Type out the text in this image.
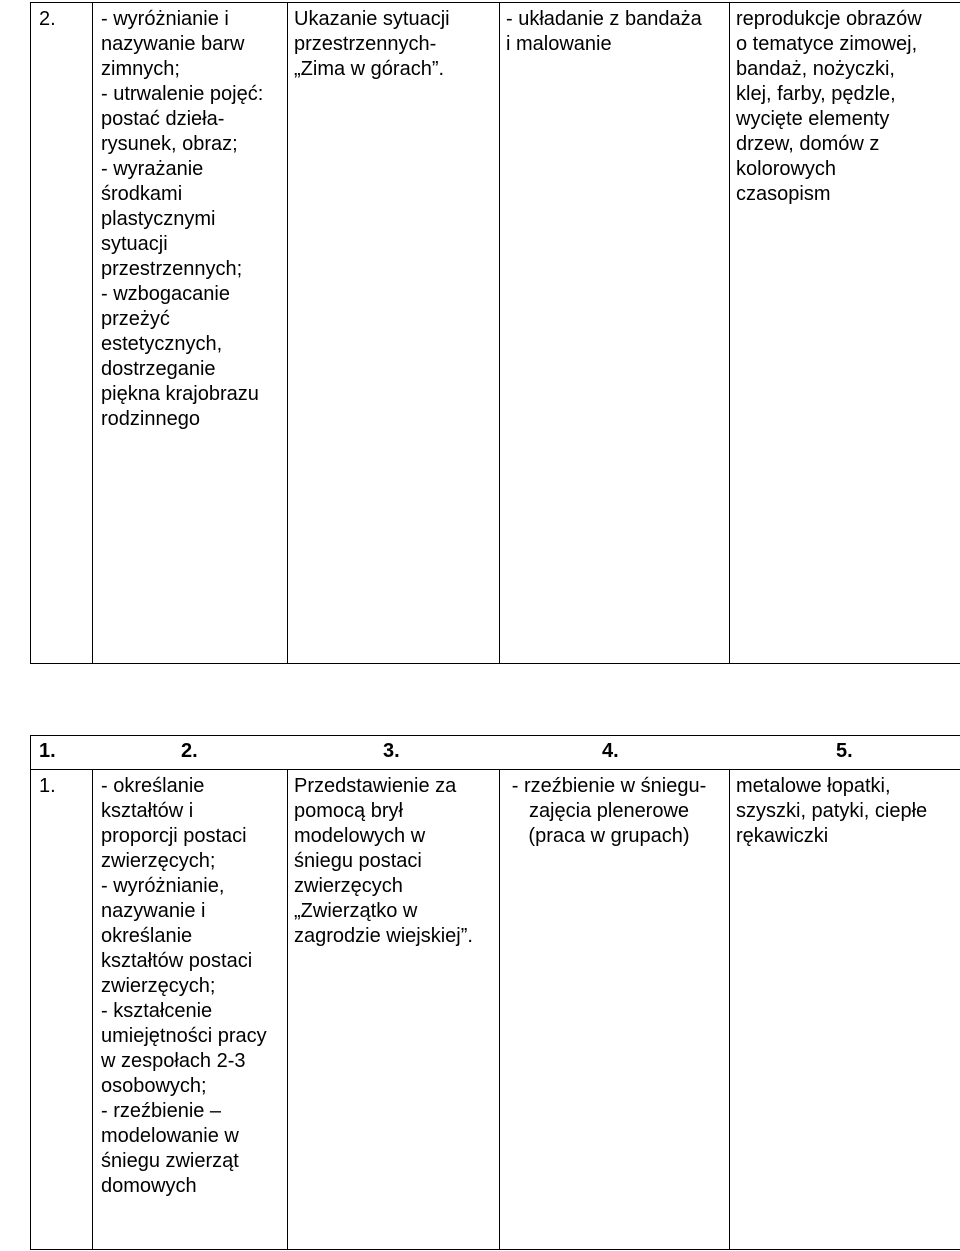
2.	- wyróżnianie i
nazywanie barw
zimnych;
- utrwalenie pojęć:
postać dzieła-
rysunek, obraz;
- wyrażanie
środkami
plastycznymi
sytuacji
przestrzennych;
- wzbogacanie
przeżyć
estetycznych,
dostrzeganie
piękna krajobrazu
rodzinnego

Ukazanie sytuacji
przestrzennych-
„Zima w górach”.

- układanie z bandaża
i malowanie

reprodukcje obrazów
o tematyce zimowej,
bandaż, nożyczki,
klej, farby, pędzle,
wycięte elementy
drzew, domów z
kolorowych
czasopism
1.	2.	3.	4.	5.

1.	- określanie
kształtów i
proporcji postaci
zwierzęcych;
- wyróżnianie,
nazywanie i
określanie
kształtów postaci
zwierzęcych;
- kształcenie
umiejętności pracy
w zespołach 2-3
osobowych;
- rzeźbienie –
modelowanie w
śniegu zwierząt
domowych

Przedstawienie za
pomocą brył
modelowych w
śniegu postaci
zwierzęcych
„Zwierzątko w
zagrodzie wiejskiej”.

- rzeźbienie w śniegu-
zajęcia plenerowe
(praca w grupach)

metalowe łopatki,
szyszki, patyki, ciepłe
rękawiczki
